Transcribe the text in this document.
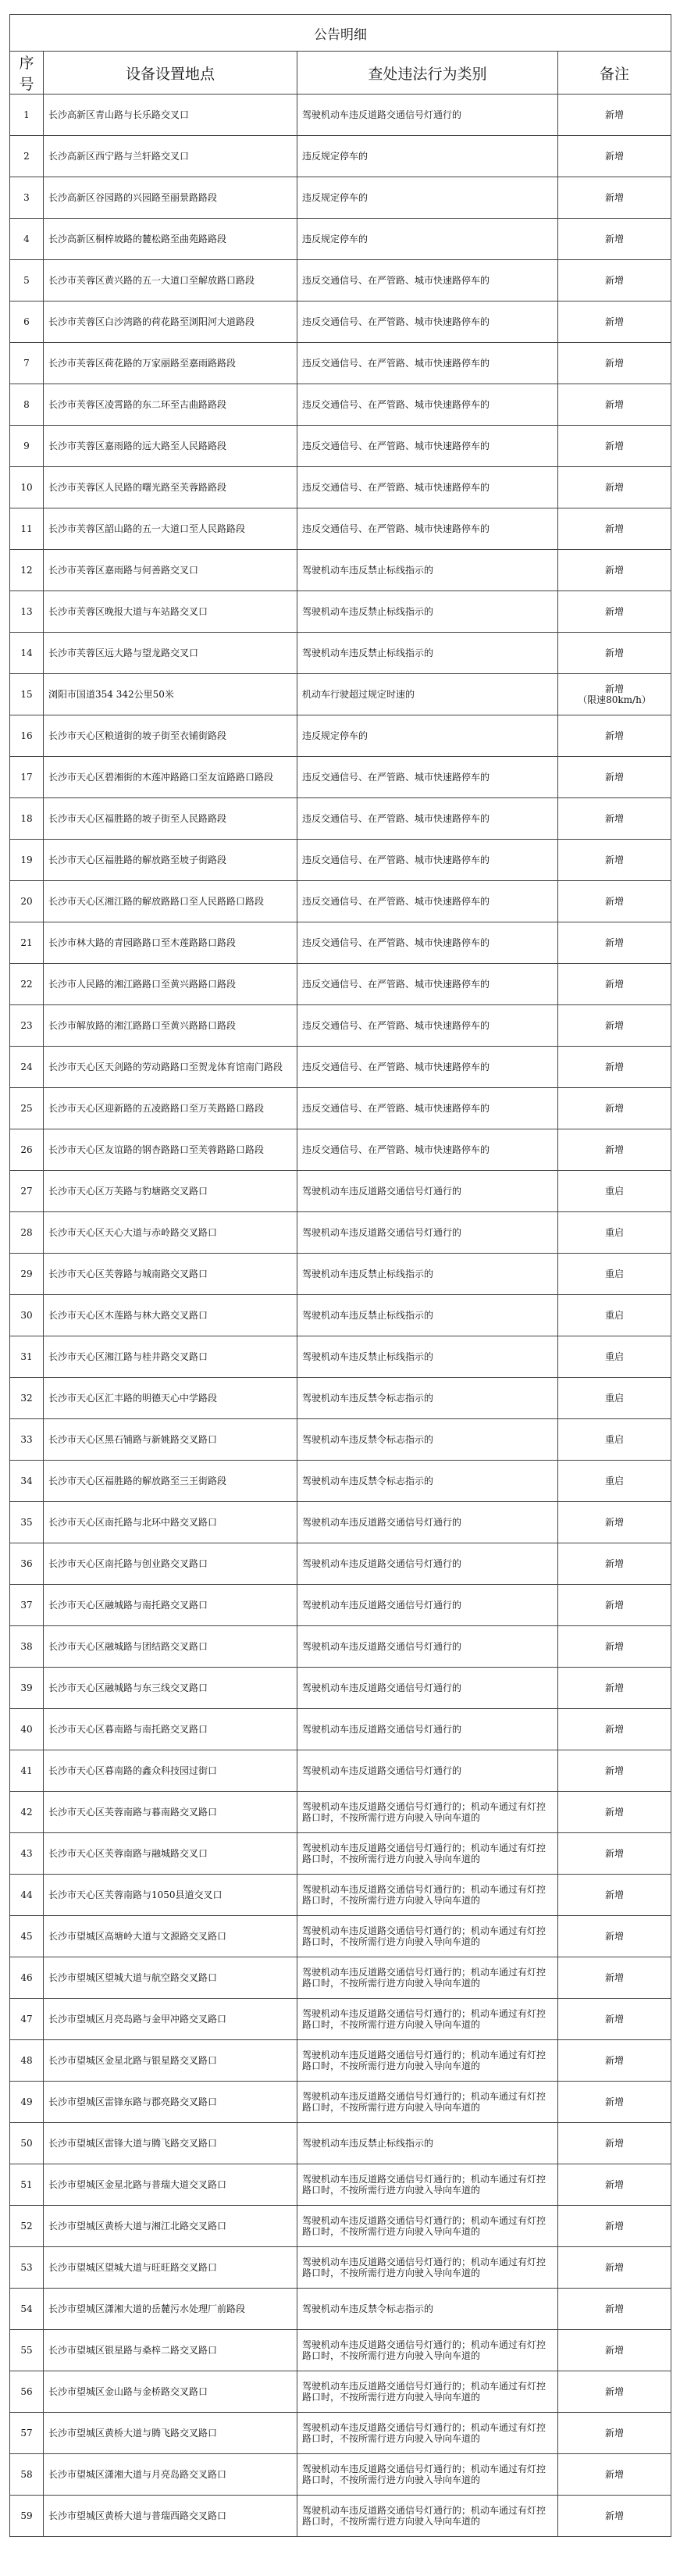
公告明细			
序号	设备设置地点	查处违法行为类别	备注
1	长沙高新区青山路与长乐路交叉口	驾驶机动车违反道路交通信号灯通行的	新增
2	长沙高新区西宁路与兰轩路交叉口	违反规定停车的	新增
3	长沙高新区谷园路的兴园路至丽景路路段	违反规定停车的	新增
4	长沙高新区桐梓坡路的麓松路至曲苑路路段	违反规定停车的	新增
5	长沙市芙蓉区黄兴路的五一大道口至解放路口路段	违反交通信号、在严管路、城市快速路停车的	新增
6	长沙市芙蓉区白沙湾路的荷花路至浏阳河大道路段	违反交通信号、在严管路、城市快速路停车的	新增
7	长沙市芙蓉区荷花路的万家丽路至嘉雨路路段	违反交通信号、在严管路、城市快速路停车的	新增
8	长沙市芙蓉区凌霄路的东二环至古曲路路段	违反交通信号、在严管路、城市快速路停车的	新增
9	长沙市芙蓉区嘉雨路的远大路至人民路路段	违反交通信号、在严管路、城市快速路停车的	新增
10	长沙市芙蓉区人民路的曙光路至芙蓉路路段	违反交通信号、在严管路、城市快速路停车的	新增
11	长沙市芙蓉区韶山路的五一大道口至人民路路段	违反交通信号、在严管路、城市快速路停车的	新增
12	长沙市芙蓉区嘉雨路与何善路交叉口	驾驶机动车违反禁止标线指示的	新增
13	长沙市芙蓉区晚报大道与车站路交叉口	驾驶机动车违反禁止标线指示的	新增
14	长沙市芙蓉区远大路与望龙路交叉口	驾驶机动车违反禁止标线指示的	新增
15	浏阳市国道354 342公里50米	机动车行驶超过规定时速的	新增
（限速80km/h）
16	长沙市天心区粮道街的坡子街至衣铺街路段	违反规定停车的	新增
17	长沙市天心区碧湘街的木莲冲路路口至友谊路路口路段	违反交通信号、在严管路、城市快速路停车的	新增
18	长沙市天心区福胜路的坡子街至人民路路段	违反交通信号、在严管路、城市快速路停车的	新增
19	长沙市天心区福胜路的解放路至坡子街路段	违反交通信号、在严管路、城市快速路停车的	新增
20	长沙市天心区湘江路的解放路路口至人民路路口路段	违反交通信号、在严管路、城市快速路停车的	新增
21	长沙市林大路的青园路路口至木莲路路口路段	违反交通信号、在严管路、城市快速路停车的	新增
22	长沙市人民路的湘江路路口至黄兴路路口路段	违反交通信号、在严管路、城市快速路停车的	新增
23	长沙市解放路的湘江路路口至黄兴路路口路段	违反交通信号、在严管路、城市快速路停车的	新增
24	长沙市天心区天剑路的劳动路路口至贺龙体育馆南门路段	违反交通信号、在严管路、城市快速路停车的	新增
25	长沙市天心区迎新路的五凌路路口至万芙路路口路段	违反交通信号、在严管路、城市快速路停车的	新增
26	长沙市天心区友谊路的钢杏路路口至芙蓉路路口路段	违反交通信号、在严管路、城市快速路停车的	新增
27	长沙市天心区万芙路与豹塘路交叉路口	驾驶机动车违反道路交通信号灯通行的	重启
28	长沙市天心区天心大道与赤岭路交叉路口	驾驶机动车违反道路交通信号灯通行的	重启
29	长沙市天心区芙蓉路与城南路交叉路口	驾驶机动车违反禁止标线指示的	重启
30	长沙市天心区木莲路与林大路交叉路口	驾驶机动车违反禁止标线指示的	重启
31	长沙市天心区湘江路与桂井路交叉路口	驾驶机动车违反禁止标线指示的	重启
32	长沙市天心区汇丰路的明德天心中学路段	驾驶机动车违反禁令标志指示的	重启
33	长沙市天心区黑石铺路与新姚路交叉路口	驾驶机动车违反禁令标志指示的	重启
34	长沙市天心区福胜路的解放路至三王街路段	驾驶机动车违反禁令标志指示的	重启
35	长沙市天心区南托路与北环中路交叉路口	驾驶机动车违反道路交通信号灯通行的	新增
36	长沙市天心区南托路与创业路交叉路口	驾驶机动车违反道路交通信号灯通行的	新增
37	长沙市天心区融城路与南托路交叉路口	驾驶机动车违反道路交通信号灯通行的	新增
38	长沙市天心区融城路与团结路交叉路口	驾驶机动车违反道路交通信号灯通行的	新增
39	长沙市天心区融城路与东三线交叉路口	驾驶机动车违反道路交通信号灯通行的	新增
40	长沙市天心区暮南路与南托路交叉路口	驾驶机动车违反道路交通信号灯通行的	新增
41	长沙市天心区暮南路的鑫众科技园过街口	驾驶机动车违反道路交通信号灯通行的	新增
42	长沙市天心区芙蓉南路与暮南路交叉路口	驾驶机动车违反道路交通信号灯通行的；机动车通过有灯控路口时，不按所需行进方向驶入导向车道的	新增
43	长沙市天心区芙蓉南路与融城路交叉口	驾驶机动车违反道路交通信号灯通行的；机动车通过有灯控路口时，不按所需行进方向驶入导向车道的	新增
44	长沙市天心区芙蓉南路与1050县道交叉口	驾驶机动车违反道路交通信号灯通行的；机动车通过有灯控路口时，不按所需行进方向驶入导向车道的	新增
45	长沙市望城区高塘岭大道与文源路交叉路口	驾驶机动车违反道路交通信号灯通行的；机动车通过有灯控路口时，不按所需行进方向驶入导向车道的	新增
46	长沙市望城区望城大道与航空路交叉路口	驾驶机动车违反道路交通信号灯通行的；机动车通过有灯控路口时，不按所需行进方向驶入导向车道的	新增
47	长沙市望城区月亮岛路与金甲冲路交叉路口	驾驶机动车违反道路交通信号灯通行的；机动车通过有灯控路口时，不按所需行进方向驶入导向车道的	新增
48	长沙市望城区金星北路与银星路交叉路口	驾驶机动车违反道路交通信号灯通行的；机动车通过有灯控路口时，不按所需行进方向驶入导向车道的	新增
49	长沙市望城区雷锋东路与郡亮路交叉路口	驾驶机动车违反道路交通信号灯通行的；机动车通过有灯控路口时，不按所需行进方向驶入导向车道的	新增
50	长沙市望城区雷锋大道与腾飞路交叉路口	驾驶机动车违反禁止标线指示的	新增
51	长沙市望城区金星北路与普瑞大道交叉路口	驾驶机动车违反道路交通信号灯通行的；机动车通过有灯控路口时，不按所需行进方向驶入导向车道的	新增
52	长沙市望城区黄桥大道与湘江北路交叉路口	驾驶机动车违反道路交通信号灯通行的；机动车通过有灯控路口时，不按所需行进方向驶入导向车道的	新增
53	长沙市望城区望城大道与旺旺路交叉路口	驾驶机动车违反道路交通信号灯通行的；机动车通过有灯控路口时，不按所需行进方向驶入导向车道的	新增
54	长沙市望城区潇湘大道的岳麓污水处理厂前路段	驾驶机动车违反禁令标志指示的	新增
55	长沙市望城区银星路与桑梓二路交叉路口	驾驶机动车违反道路交通信号灯通行的；机动车通过有灯控路口时，不按所需行进方向驶入导向车道的	新增
56	长沙市望城区金山路与金桥路交叉路口	驾驶机动车违反道路交通信号灯通行的；机动车通过有灯控路口时，不按所需行进方向驶入导向车道的	新增
57	长沙市望城区黄桥大道与腾飞路交叉路口	驾驶机动车违反道路交通信号灯通行的；机动车通过有灯控路口时，不按所需行进方向驶入导向车道的	新增
58	长沙市望城区潇湘大道与月亮岛路交叉路口	驾驶机动车违反道路交通信号灯通行的；机动车通过有灯控路口时，不按所需行进方向驶入导向车道的	新增
59	长沙市望城区黄桥大道与普瑞西路交叉路口	驾驶机动车违反道路交通信号灯通行的；机动车通过有灯控路口时，不按所需行进方向驶入导向车道的	新增
